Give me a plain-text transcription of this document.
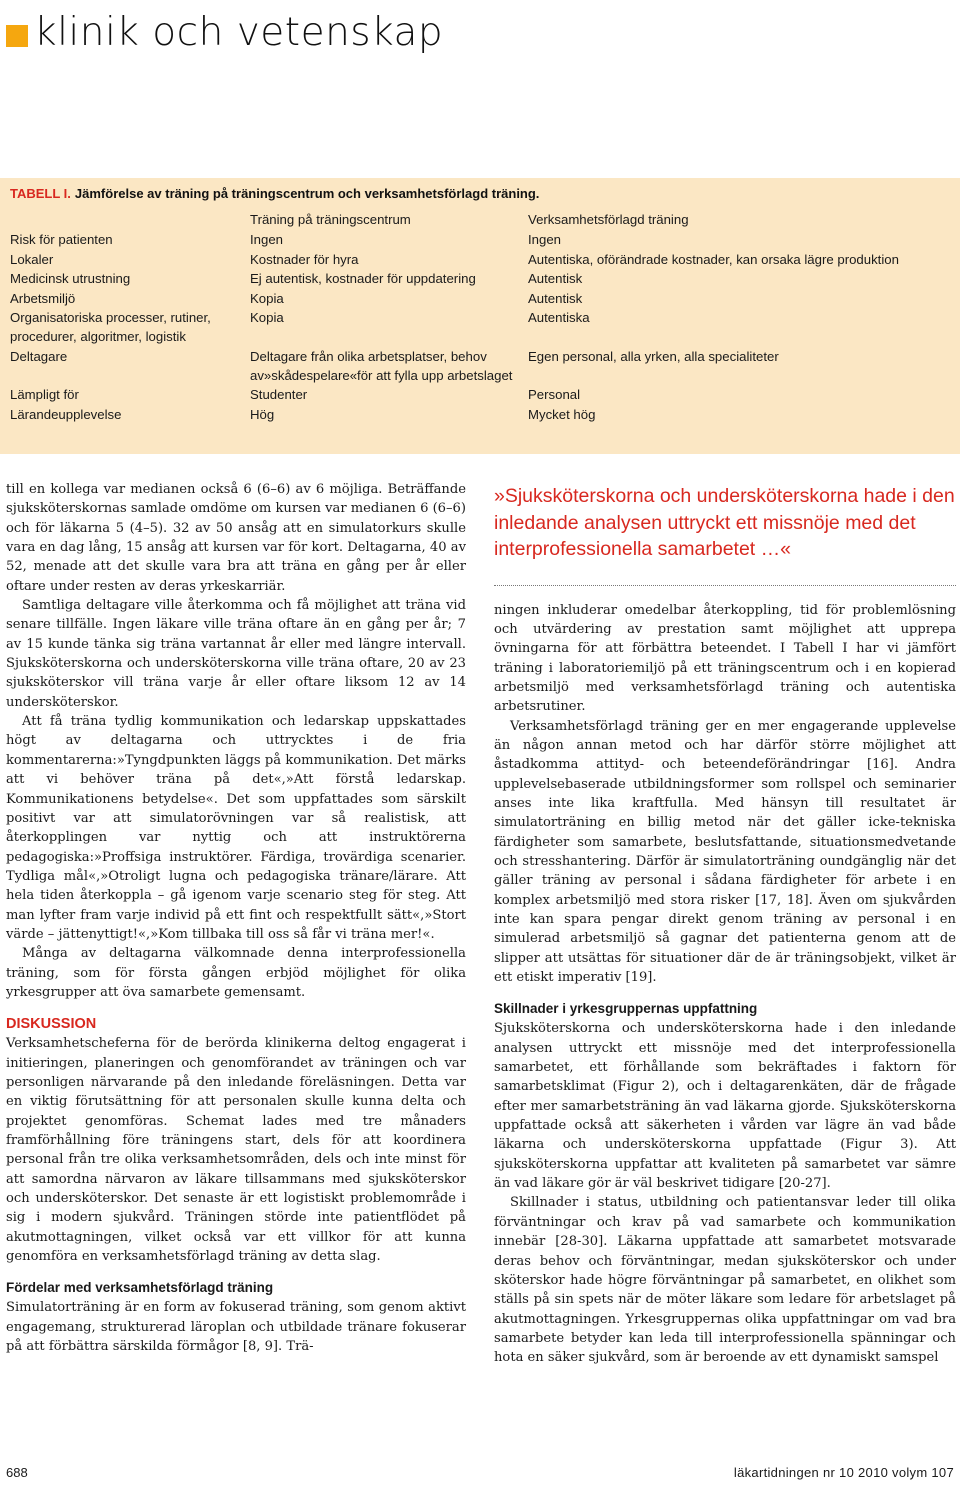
klinik och vetenskap
TABELL I. Jämförelse av träning på träningscentrum och verksamhetsförlagd träning.
	Träning på träningscentrum	Verksamhetsförlagd träning
Risk för patienten	Ingen	Ingen
Lokaler	Kostnader för hyra	Autentiska, oförändrade kostnader, kan orsaka lägre produktion
Medicinsk utrustning	Ej autentisk, kostnader för uppdatering	Autentisk
Arbetsmiljö	Kopia	Autentisk
Organisatoriska processer, rutiner, procedurer, algoritmer, logistik	Kopia	Autentiska
Deltagare	Deltagare från olika arbetsplatser, behov av»skådespelare«för att fylla upp arbetslaget	Egen personal, alla yrken, alla specialiteter
Lämpligt för	Studenter	Personal
Lärandeupplevelse	Hög	Mycket hög

till en kollega var medianen också 6 (6–6) av 6 möjliga. Beträffande sjuksköterskornas samlade omdöme om kursen var medianen 6 (6–6) och för läkarna 5 (4–5). 32 av 50 ansåg att en simulatorkurs skulle vara en dag lång, 15 ansåg att kursen var för kort. Deltagarna, 40 av 52, menade att det skulle vara bra att träna en gång per år eller oftare under resten av deras yrkeskarriär.

Samtliga deltagare ville återkomma och få möjlighet att träna vid senare tillfälle. Ingen läkare ville träna oftare än en gång per år; 7 av 15 kunde tänka sig träna vartannat år eller med längre intervall. Sjuksköterskorna och undersköterskorna ville träna oftare, 20 av 23 sjuksköterskor vill träna varje år eller oftare liksom 12 av 14 undersköterskor.

Att få träna tydlig kommunikation och ledarskap uppskattades högt av deltagarna och uttrycktes i de fria kommentarerna:»Tyngdpunkten läggs på kommunikation. Det märks att vi behöver träna på det«,»Att förstå ledarskap. Kommunikationens betydelse«. Det som uppfattades som särskilt positivt var att simulatorövningen var så realistisk, att återkopplingen var nyttig och att instruktörerna pedagogiska:»Proffsiga instruktörer. Färdiga, trovärdiga scenarier. Tydliga mål«,»Otroligt lugna och pedagogiska tränare/lärare. Att hela tiden återkoppla – gå igenom varje scenario steg för steg. Att man lyfter fram varje individ på ett fint och respektfullt sätt«,»Stort värde – jättenyttigt!«,»Kom tillbaka till oss så får vi träna mer!«.

Många av deltagarna välkomnade denna interprofessionella träning, som för första gången erbjöd möjlighet för olika yrkesgrupper att öva samarbete gemensamt.

DISKUSSION

Verksamhetscheferna för de berörda klinikerna deltog engagerat i initieringen, planeringen och genomförandet av träningen och var personligen närvarande på den inledande föreläsningen. Detta var en viktig förutsättning för att personalen skulle kunna delta och projektet genomföras. Schemat lades med tre månaders framförhållning före träningens start, dels för att koordinera personal från tre olika verksamhetsområden, dels och inte minst för att samordna närvaron av läkare tillsammans med sjuksköterskor och undersköterskor. Det senaste är ett logistiskt problemområde i sig i modern sjukvård. Träningen störde inte patientflödet på akutmottagningen, vilket också var ett villkor för att kunna genomföra en verksamhetsförlagd träning av detta slag.

Fördelar med verksamhetsförlagd träning

Simulatorträning är en form av fokuserad träning, som genom aktivt engagemang, strukturerad läroplan och utbildade tränare fokuserar på att förbättra särskilda förmågor [8, 9]. Trä-

»Sjuksköterskorna och undersköterskorna hade i den inledande analysen uttryckt ett missnöje med det interprofessionella samarbetet …«

ningen inkluderar omedelbar återkoppling, tid för problemlösning och utvärdering av prestation samt möjlighet att upprepa övningarna för att förbättra beteendet. I Tabell I har vi jämfört träning i laboratoriemiljö på ett träningscentrum och i en kopierad arbetsmiljö med verksamhetsförlagd träning och autentiska arbetsrutiner.

Verksamhetsförlagd träning ger en mer engagerande upplevelse än någon annan metod och har därför större möjlighet att åstadkomma attityd- och beteendeförändringar [16]. Andra upplevelsebaserade utbildningsformer som rollspel och seminarier anses inte lika kraftfulla. Med hänsyn till resultatet är simulatorträning en billig metod när det gäller icke-tekniska färdigheter som samarbete, beslutsfattande, situationsmedvetande och stresshantering. Därför är simulatorträning oundgänglig när det gäller träning av personal i sådana färdigheter för arbete i en komplex arbetsmiljö med stora risker [17, 18]. Även om sjukvården inte kan spara pengar direkt genom träning av personal i en simulerad arbetsmiljö så gagnar det patienterna genom att de slipper att utsättas för situationer där de är träningsobjekt, vilket är ett etiskt imperativ [19].

Skillnader i yrkesgruppernas uppfattning

Sjuksköterskorna och undersköterskorna hade i den inledande analysen uttryckt ett missnöje med det interprofessionella samarbetet, ett förhållande som bekräftades i faktorn för samarbetsklimat (Figur 2), och i deltagarenkäten, där de frågade efter mer samarbetsträning än vad läkarna gjorde. Sjuksköterskorna uppfattade också att säkerheten i vården var lägre än vad både läkarna och undersköterskorna uppfattade (Figur 3). Att sjuksköterskorna uppfattar att kvaliteten på samarbetet var sämre än vad läkare gör är väl beskrivet tidigare [20-27].

Skillnader i status, utbildning och patientansvar leder till olika förväntningar och krav på vad samarbete och kommunikation innebär [28-30]. Läkarna uppfattade att samarbetet motsvarade deras behov och förväntningar, medan sjuksköterskor och under sköterskor hade högre förväntningar på samarbetet, en olikhet som ställs på sin spets när de möter läkare som ledare för arbetslaget på akutmottagningen. Yrkesgruppernas olika uppfattningar om vad bra samarbete betyder kan leda till interprofessionella spänningar och hota en säker sjukvård, som är beroende av ett dynamiskt samspel

688	läkartidningen nr 10 2010 volym 107
